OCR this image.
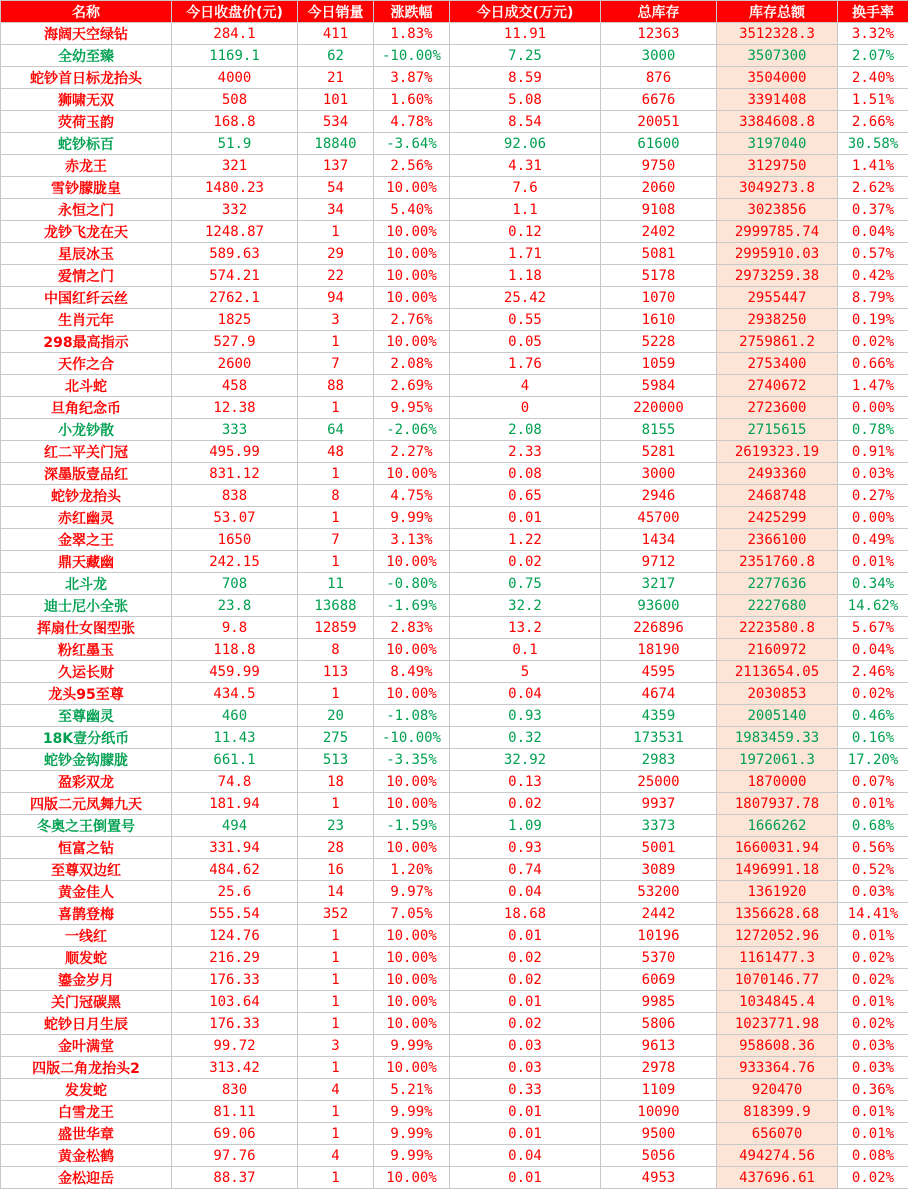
名称	今日收盘价(元)	今日销量	涨跌幅	今日成交(万元)	总库存	库存总额	换手率
海阔天空绿钻	284.1	411	1.83%	11.91	12363	3512328.3	3.32%
全幼至臻	1169.1	62	-10.00%	7.25	3000	3507300	2.07%
蛇钞首日标龙抬头	4000	21	3.87%	8.59	876	3504000	2.40%
狮啸无双	508	101	1.60%	5.08	6676	3391408	1.51%
荧荷玉韵	168.8	534	4.78%	8.54	20051	3384608.8	2.66%
蛇钞标百	51.9	18840	-3.64%	92.06	61600	3197040	30.58%
赤龙王	321	137	2.56%	4.31	9750	3129750	1.41%
雪钞朦胧皇	1480.23	54	10.00%	7.6	2060	3049273.8	2.62%
永恒之门	332	34	5.40%	1.1	9108	3023856	0.37%
龙钞飞龙在天	1248.87	1	10.00%	0.12	2402	2999785.74	0.04%
星辰冰玉	589.63	29	10.00%	1.71	5081	2995910.03	0.57%
爱情之门	574.21	22	10.00%	1.18	5178	2973259.38	0.42%
中国红纤云丝	2762.1	94	10.00%	25.42	1070	2955447	8.79%
生肖元年	1825	3	2.76%	0.55	1610	2938250	0.19%
298最高指示	527.9	1	10.00%	0.05	5228	2759861.2	0.02%
天作之合	2600	7	2.08%	1.76	1059	2753400	0.66%
北斗蛇	458	88	2.69%	4	5984	2740672	1.47%
旦角纪念币	12.38	1	9.95%	0	220000	2723600	0.00%
小龙钞散	333	64	-2.06%	2.08	8155	2715615	0.78%
红二平关门冠	495.99	48	2.27%	2.33	5281	2619323.19	0.91%
深墨版壹品红	831.12	1	10.00%	0.08	3000	2493360	0.03%
蛇钞龙抬头	838	8	4.75%	0.65	2946	2468748	0.27%
赤红幽灵	53.07	1	9.99%	0.01	45700	2425299	0.00%
金翠之王	1650	7	3.13%	1.22	1434	2366100	0.49%
鼎天藏幽	242.15	1	10.00%	0.02	9712	2351760.8	0.01%
北斗龙	708	11	-0.80%	0.75	3217	2277636	0.34%
迪士尼小全张	23.8	13688	-1.69%	32.2	93600	2227680	14.62%
挥扇仕女图型张	9.8	12859	2.83%	13.2	226896	2223580.8	5.67%
粉红墨玉	118.8	8	10.00%	0.1	18190	2160972	0.04%
久运长财	459.99	113	8.49%	5	4595	2113654.05	2.46%
龙头95至尊	434.5	1	10.00%	0.04	4674	2030853	0.02%
至尊幽灵	460	20	-1.08%	0.93	4359	2005140	0.46%
18K壹分纸币	11.43	275	-10.00%	0.32	173531	1983459.33	0.16%
蛇钞金钩朦胧	661.1	513	-3.35%	32.92	2983	1972061.3	17.20%
盈彩双龙	74.8	18	10.00%	0.13	25000	1870000	0.07%
四版二元凤舞九天	181.94	1	10.00%	0.02	9937	1807937.78	0.01%
冬奥之王倒置号	494	23	-1.59%	1.09	3373	1666262	0.68%
恒富之钻	331.94	28	10.00%	0.93	5001	1660031.94	0.56%
至尊双边红	484.62	16	1.20%	0.74	3089	1496991.18	0.52%
黄金佳人	25.6	14	9.97%	0.04	53200	1361920	0.03%
喜鹊登梅	555.54	352	7.05%	18.68	2442	1356628.68	14.41%
一线红	124.76	1	10.00%	0.01	10196	1272052.96	0.01%
顺发蛇	216.29	1	10.00%	0.02	5370	1161477.3	0.02%
鎏金岁月	176.33	1	10.00%	0.02	6069	1070146.77	0.02%
关门冠碳黑	103.64	1	10.00%	0.01	9985	1034845.4	0.01%
蛇钞日月生辰	176.33	1	10.00%	0.02	5806	1023771.98	0.02%
金叶满堂	99.72	3	9.99%	0.03	9613	958608.36	0.03%
四版二角龙抬头2	313.42	1	10.00%	0.03	2978	933364.76	0.03%
发发蛇	830	4	5.21%	0.33	1109	920470	0.36%
白雪龙王	81.11	1	9.99%	0.01	10090	818399.9	0.01%
盛世华章	69.06	1	9.99%	0.01	9500	656070	0.01%
黄金松鹤	97.76	4	9.99%	0.04	5056	494274.56	0.08%
金松迎岳	88.37	1	10.00%	0.01	4953	437696.61	0.02%
